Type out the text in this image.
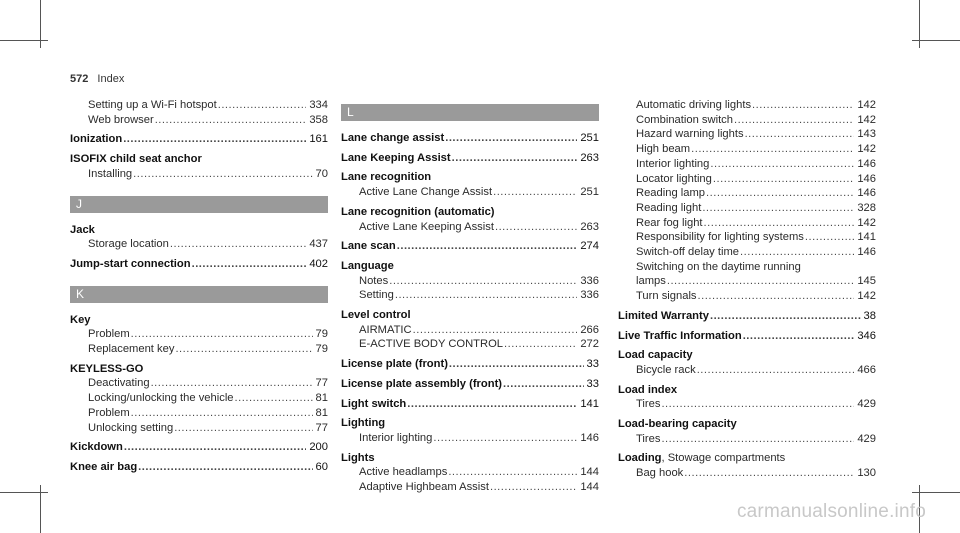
572 Index
Setting up a Wi-Fi hotspot .....	334
Web browser .....	358
Ionization .....	161
ISOFIX child seat anchor
Installing .....	70
J
Jack
Storage location .....	437
Jump-start connection .....	402
K
Key
Problem .....	79
Replacement key .....	79
KEYLESS-GO
Deactivating .....	77
Locking/unlocking the vehicle .....	81
Problem .....	81
Unlocking setting .....	77
Kickdown .....	200
Knee air bag .....	60
L
Lane change assist .....	251
Lane Keeping Assist .....	263
Lane recognition
Active Lane Change Assist .....	251
Lane recognition (automatic)
Active Lane Keeping Assist .....	263
Lane scan .....	274
Language
Notes .....	336
Setting .....	336
Level control
AIRMATIC .....	266
E-ACTIVE BODY CONTROL .....	272
License plate (front) .....	33
License plate assembly (front) .....	33
Light switch .....	141
Lighting
Interior lighting .....	146
Lights
Active headlamps .....	144
Adaptive Highbeam Assist .....	144
Automatic driving lights .....	142
Combination switch .....	142
Hazard warning lights .....	143
High beam .....	142
Interior lighting .....	146
Locator lighting .....	146
Reading lamp .....	146
Reading light .....	328
Rear fog light .....	142
Responsibility for lighting systems .....	141
Switch-off delay time .....	146
Switching on the daytime running
lamps .....	145
Turn signals .....	142
Limited Warranty .....	38
Live Traffic Information .....	346
Load capacity
Bicycle rack .....	466
Load index
Tires .....	429
Load-bearing capacity
Tires .....	429
Loading , Stowage compartments
Bag hook .....	130
carmanualsonline.info
